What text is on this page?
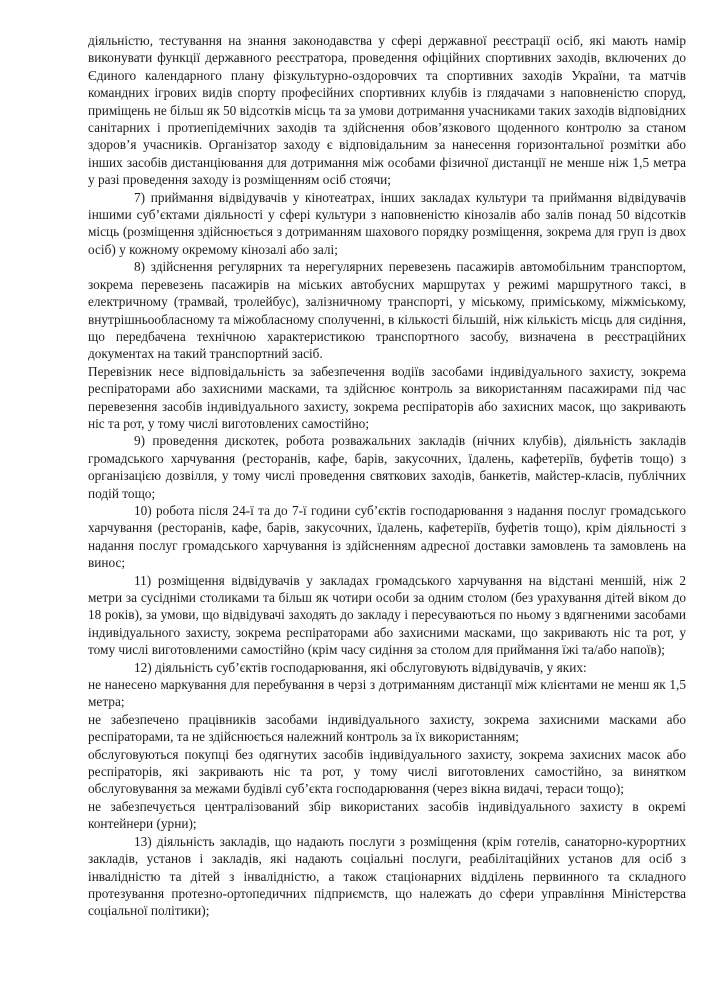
діяльністю, тестування на знання законодавства у сфері державної реєстрації осіб, які мають намір виконувати функції державного реєстратора, проведення офіційних спортивних заходів, включених до Єдиного календарного плану фізкультурно-оздоровчих та спортивних заходів України, та матчів командних ігрових видів спорту професійних спортивних клубів із глядачами з наповненістю споруд, приміщень не більш як 50 відсотків місць та за умови дотримання учасниками таких заходів відповідних санітарних і протиепідемічних заходів та здійснення обов’язкового щоденного контролю за станом здоров’я учасників. Організатор заходу є відповідальним за нанесення горизонтальної розмітки або інших засобів дистанціювання для дотримання між особами фізичної дистанції не менше ніж 1,5 метра у разі проведення заходу із розміщенням осіб стоячи;

7) приймання відвідувачів у кінотеатрах, інших закладах культури та приймання відвідувачів іншими суб’єктами діяльності у сфері культури з наповненістю кінозалів або залів понад 50 відсотків місць (розміщення здійснюється з дотриманням шахового порядку розміщення, зокрема для груп із двох осіб) у кожному окремому кінозалі або залі;

8) здійснення регулярних та нерегулярних перевезень пасажирів автомобільним транспортом, зокрема перевезень пасажирів на міських автобусних маршрутах у режимі маршрутного таксі, в електричному (трамвай, тролейбус), залізничному транспорті, у міському, приміському, міжміському, внутрішньообласному та міжобласному сполученні, в кількості більшій, ніж кількість місць для сидіння, що передбачена технічною характеристикою транспортного засобу, визначена в реєстраційних документах на такий транспортний засіб.

Перевізник несе відповідальність за забезпечення водіїв засобами індивідуального захисту, зокрема респіраторами або захисними масками, та здійснює контроль за використанням пасажирами під час перевезення засобів індивідуального захисту, зокрема респіраторів або захисних масок, що закривають ніс та рот, у тому числі виготовлених самостійно;

9) проведення дискотек, робота розважальних закладів (нічних клубів), діяльність закладів громадського харчування (ресторанів, кафе, барів, закусочних, їдалень, кафетеріїв, буфетів тощо) з організацією дозвілля, у тому числі проведення святкових заходів, банкетів, майстер-класів, публічних подій тощо;

10) робота після 24-ї та до 7-ї години суб’єктів господарювання з надання послуг громадського харчування (ресторанів, кафе, барів, закусочних, їдалень, кафетеріїв, буфетів тощо), крім діяльності з надання послуг громадського харчування із здійсненням адресної доставки замовлень та замовлень на винос;

11) розміщення відвідувачів у закладах громадського харчування на відстані меншій, ніж 2 метри за сусідніми столиками та більш як чотири особи за одним столом (без урахування дітей віком до 18 років), за умови, що відвідувачі заходять до закладу і пересуваються по ньому з вдягненими засобами індивідуального захисту, зокрема респіраторами або захисними масками, що закривають ніс та рот, у тому числі виготовленими самостійно (крім часу сидіння за столом для приймання їжі та/або напоїв);

12) діяльність суб’єктів господарювання, які обслуговують відвідувачів, у яких:

не нанесено маркування для перебування в черзі з дотриманням дистанції між клієнтами не менш як 1,5 метра;

не забезпечено працівників засобами індивідуального захисту, зокрема захисними масками або респіраторами, та не здійснюється належний контроль за їх використанням;

обслуговуються покупці без одягнутих засобів індивідуального захисту, зокрема захисних масок або респіраторів, які закривають ніс та рот, у тому числі виготовлених самостійно, за винятком обслуговування за межами будівлі суб’єкта господарювання (через вікна видачі, тераси тощо);

не забезпечується централізований збір використаних засобів індивідуального захисту в окремі контейнери (урни);

13) діяльність закладів, що надають послуги з розміщення (крім готелів, санаторно-курортних закладів, установ і закладів, які надають соціальні послуги, реабілітаційних установ для осіб з інвалідністю та дітей з інвалідністю, а також стаціонарних відділень первинного та складного протезування протезно-ортопедичних підприємств, що належать до сфери управління Міністерства соціальної політики);
